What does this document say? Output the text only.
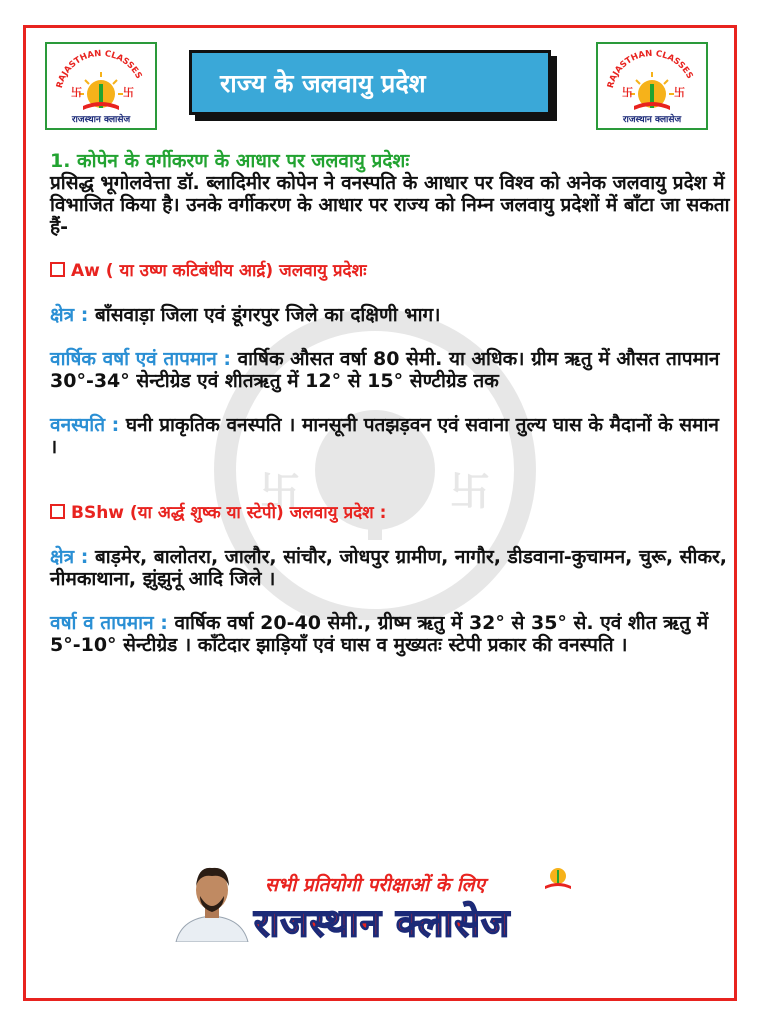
RAJASTHAN CLASSES
卐	卐
राजस्थान क्लासेज
RAJASTHAN CLASSES
卐	卐
राजस्थान क्लासेज
राज्य के जलवायु प्रदेश
卐	卐

1. कोपेन के वर्गीकरण के आधार पर जलवायु प्रदेशः

प्रसिद्ध भूगोलवेत्ता डॉ. ब्लादिमीर कोपेन ने वनस्पति के आधार पर विश्व को अनेक जलवायु प्रदेश में विभाजित किया है। उनके वर्गीकरण के आधार पर राज्य को निम्न जलवायु प्रदेशों में बाँटा जा सकता हैं-

Aw ( या उष्ण कटिबंधीय आर्द्र) जलवायु प्रदेशः

क्षेत्र : बाँसवाड़ा जिला एवं डूंगरपुर जिले का दक्षिणी भाग।

वार्षिक वर्षा एवं तापमान : वार्षिक औसत वर्षा 80 सेमी. या अधिक। ग्रीम ऋतु में औसत तापमान 30°-34° सेन्टीग्रेड एवं शीतऋतु में 12° से 15° सेण्टीग्रेड तक

वनस्पति : घनी प्राकृतिक वनस्पति । मानसूनी पतझड़वन एवं सवाना तुल्य घास के मैदानों के समान ।

BShw (या अर्द्ध शुष्क या स्टेपी) जलवायु प्रदेश :

क्षेत्र : बाड़मेर, बालोतरा, जालौर, सांचौर, जोधपुर ग्रामीण, नागौर, डीडवाना-कुचामन, चुरू, सीकर, नीमकाथाना, झुंझुनूं आदि जिले ।

वर्षा व तापमान : वार्षिक वर्षा 20-40 सेमी., ग्रीष्म ऋतु में 32° से 35° से. एवं शीत ऋतु में 5°-10° सेन्टीग्रेड । काँटेदार झाड़ियाँ एवं घास व मुख्यतः स्टेपी प्रकार की वनस्पति ।

सभी प्रतियोगी परीक्षाओं के लिए
राजस्थान क्लासेज
